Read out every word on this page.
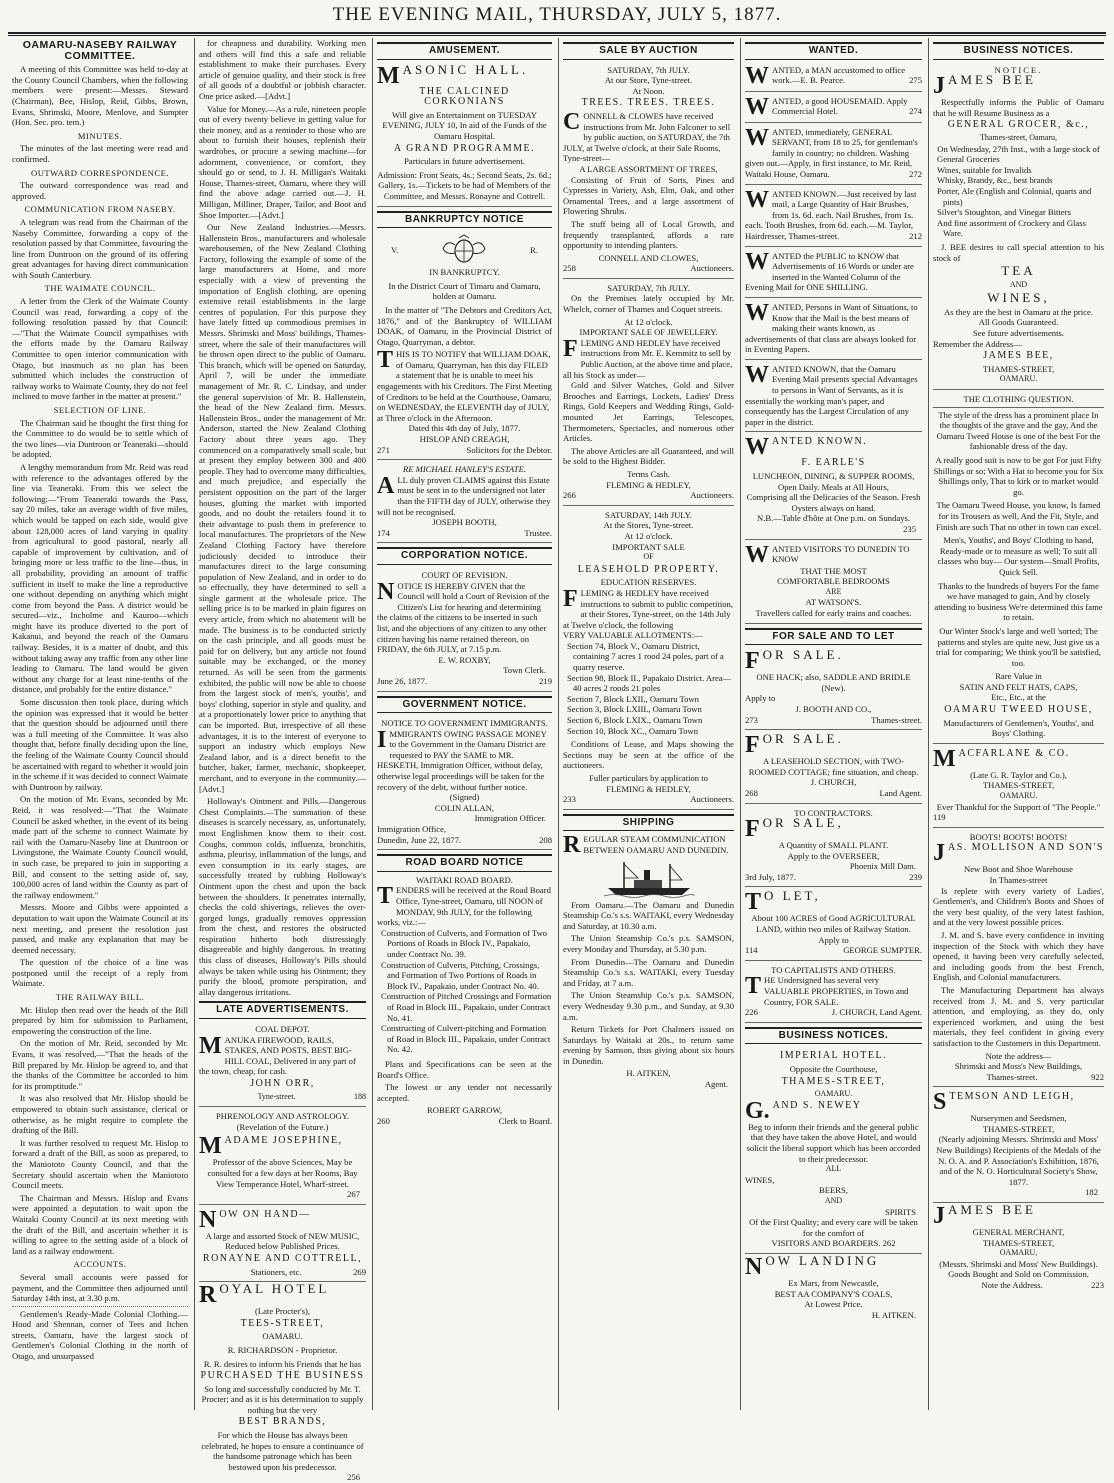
THE EVENING MAIL, THURSDAY, JULY 5, 1877.
OAMARU-NASEBY RAILWAY COMMITTEE.

A meeting of this Committee was held to-day at the County Council Chambers, when the following members were present:—Messrs. Steward (Chairman), Bee, Hislop, Reid, Gibbs, Brown, Evans, Shrimski, Moore, Menlove, and Sumpter (Hon. Sec. pro. tem.)

MINUTES.

The minutes of the last meeting were read and confirmed.

OUTWARD CORRESPONDENCE.

The outward correspondence was read and approved.

COMMUNICATION FROM NASEBY.

A telegram was read from the Chairman of the Naseby Committee, forwarding a copy of the resolution passed by that Committee, favouring the line from Duntroon on the ground of its offering great advantages for having direct communication with South Canterbury.

THE WAIMATE COUNCIL.

A letter from the Clerk of the Waimate County Council was read, forwarding a copy of the following resolution passed by that Council:—"That the Waimate Council sympathises with the efforts made by the Oamaru Railway Committee to open interior communication with Otago, but inasmuch as no plan has been submitted which includes the construction of railway works to Waimate County, they do not feel inclined to move farther in the matter at present."

SELECTION OF LINE.

The Chairman said he thought the first thing for the Committee to do would be to settle which of the two lines—via Duntroon or Teaneraki—should be adopted.

A lengthy memorandum from Mr. Reid was read with reference to the advantages offered by the line via Teaneraki. From this we select the following:—"From Teaneraki towards the Pass, say 20 miles, take an average width of five miles, which would be tapped on each side, would give about 128,000 acres of land varying in quality from agricultural to good pastoral, nearly all capable of improvement by cultivation, and of bringing more or less traffic to the line—thus, in all probability, providing an amount of traffic sufficient in itself to make the line a reproductive one without depending on anything which might come from beyond the Pass. A district would be secured—viz., Incholme and Kauroo—which might have its produce diverted to the port of Kakanui, and beyond the reach of the Oamaru railway. Besides, it is a matter of doubt, and this without taking away any traffic from any other line leading to Oamaru. The land would be given without any charge for at least nine-tenths of the distance, and probably for the entire distance."

Some discussion then took place, during which the opinion was expressed that it would be better that the question should be adjourned until there was a full meeting of the Committee. It was also thought that, before finally deciding upon the line, the feeling of the Waimate County Council should be ascertained with regard to whether it would join in the scheme if it was decided to connect Waimate with Duntroon by railway.

On the motion of Mr. Evans, seconded by Mr. Reid, it was resolved:—"That the Waimate Council be asked whether, in the event of its being made part of the scheme to connect Waimate by rail with the Oamaru-Naseby line at Duntroon or Livingstone, the Waimate County Council would, in such case, be prepared to join in supporting a Bill, and consent to the setting aside of, say, 100,000 acres of land within the County as part of the railway endowment."

Messrs. Moore and Gibbs were appointed a deputation to wait upon the Waimate Council at its next meeting, and present the resolution just passed, and make any explanation that may be deemed necessary.

The question of the choice of a line was postponed until the receipt of a reply from Waimate.

THE RAILWAY BILL.

Mr. Hislop then read over the heads of the Bill prepared by him for submission to Parliament, empowering the construction of the line.

On the motion of Mr. Reid, seconded by Mr. Evans, it was resolved,—"That the heads of the Bill prepared by Mr. Hislop be agreed to, and that the thanks of the Committee be accorded to him for its promptitude."

It was also resolved that Mr. Hislop should be empowered to obtain such assistance, clerical or otherwise, as he might require to complete the drafting of the Bill.

It was further resolved to request Mr. Hislop to forward a draft of the Bill, as soon as prepared, to the Maniototo County Council, and that the Secretary should ascertain when the Maniototo Council meets.

The Chairman and Messrs. Hislop and Evans were appointed a deputation to wait upon the Waitaki County Council at its next meeting with the draft of the Bill, and ascertain whether it is willing to agree to the setting aside of a block of land as a railway endowment.

ACCOUNTS.

Several small accounts were passed for payment, and the Committee then adjourned until Saturday 14th inst, at 3.30 p.m.

Gentlemen's Ready-Made Colonial Clothing.—Hood and Shennan, corner of Tees and Itchen streets, Oamaru, have the largest stock of Gentlemen's Colonial Clothing in the north of Otago, and unsurpassed

for cheapness and durability. Working men and others will find this a safe and reliable establishment to make their purchases. Every article of genuine quality, and their stock is free of all goods of a doubtful or jobbish character. One price asked.—[Advt.]

Value for Money.—As a rule, nineteen people out of every twenty believe in getting value for their money, and as a reminder to those who are about to furnish their houses, replenish their wardrobes, or procure a sewing machine—for adornment, convenience, or comfort, they should go or send, to J. H. Milligan's Waitaki House, Thames-street, Oamaru, where they will find the above adage carried out.—J. H. Milligan, Milliner, Draper, Tailor, and Boot and Shoe Importer.—[Advt.]

Our New Zealand Industries.—Messrs. Hallenstein Bros., manufacturers and wholesale warehousemen, of the New Zealand Clothing Factory, following the example of some of the large manufacturers at Home, and more especially with a view of preventing the importation of English clothing, are opening extensive retail establishments in the large centres of population. For this purpose they have lately fitted up commodious premises in Messrs. Shrimski and Moss' buildings, Thames-street, where the sale of their manufactures will be thrown open direct to the public of Oamaru. This branch, which will be opened on Saturday, April 7, will be under the immediate management of Mr. R. C. Lindsay, and under the general supervision of Mr. B. Hallenstein, the head of the New Zealand firm. Messrs. Hallenstein Bros., under the management of Mr. Anderson, started the New Zealand Clothing Factory about three years ago. They commenced on a comparatively small scale, but at present they employ between 300 and 400 people. They had to overcome many difficulties, and much prejudice, and especially the persistent opposition on the part of the larger houses, glutting the market with imported goods, and no doubt the retailers found it to their advantage to push them in preference to local manufactures. The proprietors of the New Zealand Clothing Factory have therefore judiciously decided to introduce their manufactures direct to the large consuming population of New Zealand, and in order to do so effectually, they have determined to sell a single garment at the wholesale price. The selling price is to be marked in plain figures on every article, from which no abatement will be made. The business is to be conducted strictly on the cash principle, and all goods must be paid for on delivery, but any article not found suitable may be exchanged, or the money returned. As will be seen from the garments exhibited, the public will now be able to choose from the largest stock of men's, youths', and boys' clothing, superior in style and quality, and at a proportionately lower price to anything that can be imported. But, irrespective of all these advantages, it is to the interest of everyone to support an industry which employs New Zealand labor, and is a direct benefit to the butcher, baker, farmer, mechanic, shopkeeper, merchant, and to everyone in the community.—[Advt.]

Holloway's Ointment and Pills.—Dangerous Chest Complaints.—The summation of these diseases is scarcely necessary, as, unfortunately, most Englishmen know them to their cost. Coughs, common colds, influenza, bronchitis, asthma, pleurisy, inflammation of the lungs, and even consumption in its early stages, are successfully treated by rubbing Holloway's Ointment upon the chest and upon the back between the shoulders. It penetrates internally, checks the cold shiverings, relieves the over-gorged lungs, gradually removes oppression from the chest, and restores the obstructed respiration hitherto both distressingly disagreeable and highly dangerous. In treating this class of diseases, Holloway's Pills should always be taken while using his Ointment; they purify the blood, promote perspiration, and allay dangerous irritations.

LATE ADVERTISEMENTS.
COAL DEPOT.
MANUKA FIREWOOD, RAILS, STAKES, AND POSTS, BEST BIG-HILL COAL, Delivered in any part of the town, cheap, for cash.
JOHN ORR,
Tyne-street.	188
PHRENOLOGY AND ASTROLOGY.
(Revelation of the Future.)
MADAME JOSEPHINE,
Professor of the above Sciences, May be consulted for a few days at her Rooms, Bay View Temperance Hotel, Wharf-street.
267
NOW ON HAND—
A large and assorted Stock of NEW MUSIC, Reduced below Published Prices.
RONAYNE AND COTTRELL,
Stationers, etc.	269
ROYAL HOTEL
(Late Procter's),
TEES-STREET,
OAMARU.
R. RICHARDSON - Proprietor.
R. R. desires to inform his Friends that he has
PURCHASED THE BUSINESS
So long and successfully conducted by Mr. T. Procter; and as it is his determination to supply nothing but the very
BEST BRANDS,
For which the House has always been celebrated, he hopes to ensure a continuance of the handsome patronage which has been bestowed upon his predecessor.
256
AMUSEMENT.
MASONIC HALL.
THE CALCINED CORKONIANS
Will give an Entertainment on TUESDAY EVENING, JULY 10, In aid of the Funds of the Oamaru Hospital.
A GRAND PROGRAMME.
Particulars in future advertisement.
Admission: Front Seats, 4s.; Second Seats, 2s. 6d.; Gallery, 1s.—Tickets to be had of Members of the Committee, and Messrs. Ronayne and Cottrell.
BANKRUPTCY NOTICE
V.	R.
IN BANKRUPTCY.
In the District Court of Timaru and Oamaru, holden at Oamaru.

In the matter of "The Debtors and Creditors Act, 1876," and of the Bankruptcy of WILLIAM DOAK, of Oamaru, in the Provincial District of Otago, Quarryman, a debtor.

THIS IS TO NOTIFY that WILLIAM DOAK, of Oamaru, Quarryman, has this day FILED a statement that he is unable to meet his engagements with his Creditors. The First Meeting of Creditors to be held at the Courthouse, Oamaru, on WEDNESDAY, the ELEVENTH day of JULY, at Three o'clock in the Afternoon.
Dated this 4th day of July, 1877.
HISLOP AND CREAGH,
271	Solicitors for the Debtor.
RE MICHAEL HANLEY'S ESTATE.
ALL duly proven CLAIMS against this Estate must be sent in to the undersigned not later than the FIFTH day of JULY, otherwise they will not be recognised.
JOSEPH BOOTH,
174	Trustee.
CORPORATION NOTICE.
COURT OF REVISION.
NOTICE IS HEREBY GIVEN that the Council will hold a Court of Revision of the Citizen's List for hearing and determining the claims of the citizens to be inserted in such list, and the objections of any citizen to any other citizen having his name retained thereon, on FRIDAY, the 6th JULY, at 7.15 p.m.
E. W. ROXBY,
Town Clerk.
June 26, 1877.	219
GOVERNMENT NOTICE.
NOTICE TO GOVERNMENT IMMIGRANTS.
IMMIGRANTS OWING PASSAGE MONEY to the Government in the Oamaru District are requested to PAY the SAME to MR. HESKETH, Immigration Officer, without delay, otherwise legal proceedings will be taken for the recovery of the debt, without further notice.
(Signed)
COLIN ALLAN,
Immigration Officer.
Immigration Office,
Dunedin, June 22, 1877.	208
ROAD BOARD NOTICE
WAITAKI ROAD BOARD.
TENDERS will be received at the Road Board Office, Tyne-street, Oamaru, till NOON of MONDAY, 9th JULY, for the following works, viz.:—
Construction of Culverts, and Formation of Two Portions of Roads in Block IV., Papakaio, under Contract No. 39.
Construction of Culverts, Pitching, Crossings, and Formation of Two Portions of Roads in Block IV., Papakaio, under Contract No. 40.
Construction of Pitched Crossings and Formation of Road in Block III., Papakaio, under Contract No. 41.
Constructing of Culvert-pitching and Formation of Road in Block III., Papakaio, under Contract No. 42.

Plans and Specifications can be seen at the Board's Office.

The lowest or any tender not necessarily accepted.

ROBERT GARROW,
260	Clerk to Board.
SALE BY AUCTION
SATURDAY, 7th JULY.
At our Store, Tyne-street.
At Noon.
TREES. TREES. TREES.
CONNELL & CLOWES have received instructions from Mr. John Falconer to sell by public auction, on SATURDAY, the 7th JULY, at Twelve o'clock, at their Sale Rooms, Tyne-street—
A LARGE ASSORTMENT OF TREES,

Consisting of Fruit of Sorts, Pines and Cypresses in Variety, Ash, Elm, Oak, and other Ornamental Trees, and a large assortment of Flowering Shrubs.

The stuff being all of Local Growth, and frequently transplanted, affords a rare opportunity to intending planters.

CONNELL AND CLOWES,
258	Auctioneers.
SATURDAY, 7th JULY.

On the Premises lately occupied by Mr. Whelch, corner of Thames and Coquet streets.

At 12 o'clock.
IMPORTANT SALE OF JEWELLERY.
FLEMING AND HEDLEY have received instructions from Mr. E. Kemmitz to sell by Public Auction, at the above time and place, all his Stock as under—

Gold and Silver Watches, Gold and Silver Brooches and Earrings, Lockets, Ladies' Dress Rings, Gold Keepers and Wedding Rings, Gold-mounted Jet Earrings, Telescopes, Thermometers, Spectacles, and numerous other Articles.

The above Articles are all Guaranteed, and will be sold to the Highest Bidder.

Terms Cash.
FLEMING & HEDLEY,
266	Auctioneers.
SATURDAY, 14th JULY.
At the Stores, Tyne-street.
At 12 o'clock.
IMPORTANT SALE
OF
LEASEHOLD PROPERTY.
EDUCATION RESERVES.
FLEMING & HEDLEY have received instructions to submit to public competition, at their Stores, Tyne-street, on the 14th July at Twelve o'clock, the following
VERY VALUABLE ALLOTMENTS:—
Section 74, Block V., Oamaru District, containing 7 acres 1 rood 24 poles, part of a quarry reserve.
Section 98, Block II., Papakaio District. Area—40 acres 2 roods 21 poles
Section 7, Block LXII., Oamaru Town
Section 3, Block LXIII., Oamaru Town
Section 6, Block LXIX., Oamaru Town
Section 10, Block XC., Oamaru Town

Conditions of Lease, and Maps showing the Sections may be seen at the office of the auctioneers.

Fuller particulars by application to
FLEMING & HEDLEY,
233	Auctioneers.
SHIPPING
REGULAR STEAM COMMUNICATION BETWEEN OAMARU AND DUNEDIN.

From Oamaru.—The Oamaru and Dunedin Steamship Co.'s s.s. WAITAKI, every Wednesday and Saturday, at 10.30 a.m.

The Union Steamship Co.'s p.s. SAMSON, every Monday and Thursday, at 5.30 p.m.

From Dunedin—The Oamaru and Dunedin Steamship Co.'s s.s. WAITAKI, every Tuesday and Friday, at 7 a.m.

The Union Steamship Co.'s p.s. SAMSON, every Wednesday 9.30 p.m., and Sunday, at 9.30 a.m.

Return Tickets for Port Chalmers issued on Saturdays by Waitaki at 20s., to return same evening by Samson, thus giving about six hours in Dunedin.

H. AITKEN,
Agent.
WANTED.
WANTED, a MAN accustomed to office work.—E. B. Pearce.	275
WANTED, a good HOUSEMAID. Apply Commercial Hotel.	274
WANTED, immediately, GENERAL SERVANT, from 18 to 25, for gentleman's family in country; no children. Washing given out.—Apply, in first instance, to Mr. Reid, Waitaki House, Oamaru.	272
WANTED KNOWN.—Just received by last mail, a Large Quantity of Hair Brushes, from 1s. 6d. each. Nail Brushes, from 1s. each. Tooth Brushes, from 6d. each.—M. Taylor, Hairdresser, Thames-street.	212
WANTED the PUBLIC to KNOW that Advertisements of 16 Words or under are inserted in the Wanted Column of the Evening Mail for ONE SHILLING.
WANTED, Persons in Want of Situations, to Know that the Mail is the best means of making their wants known, as advertisements of that class are always looked for in Evening Papers.
WANTED KNOWN, that the Oamaru Evening Mail presents special Advantages to persons in Want of Servants, as it is essentially the working man's paper, and consequently has the Largest Circulation of any paper in the district.
WANTED KNOWN.
F. EARLE'S
LUNCHEON, DINING, & SUPPER ROOMS,
Open Daily. Meals at All Hours,
Comprising all the Delicacies of the Season. Fresh Oysters always on hand.
N.B.—Table d'hôte at One p.m. on Sundays.
235
WANTED VISITORS TO DUNEDIN TO KNOW
THAT THE MOST
COMFORTABLE BEDROOMS
ARE
AT WATSON'S.
Travellers called for early trains and coaches.
FOR SALE AND TO LET
FOR SALE.
ONE HACK; also, SADDLE AND BRIDLE (New).
Apply to
J. BOOTH AND CO.,
273	Thames-street.
FOR SALE.
A LEASEHOLD SECTION, with TWO-ROOMED COTTAGE; fine situation, and cheap.
J. CHURCH,
268	Land Agent.
TO CONTRACTORS.
FOR SALE,
A Quantity of SMALL PLANT.
Apply to the OVERSEER,
Phoenix Mill Dam.
3rd July, 1877.	239
T O LET,
About 100 ACRES of Good AGRICULTURAL LAND, within two miles of Railway Station.
Apply to
114	GEORGE SUMPTER.
TO CAPITALISTS AND OTHERS.
THE Undersigned has several very VALUABLE PROPERTIES, in Town and Country, FOR SALE.
226	J. CHURCH, Land Agent.
BUSINESS NOTICES.
IMPERIAL HOTEL.
Opposite the Courthouse,
THAMES-STREET,
OAMARU.
G. AND S. NEWEY
Beg to inform their friends and the general public that they have taken the above Hotel, and would solicit the liberal support which has been accorded to their predecessor.
ALL
WINES,
BEERS,
AND
SPIRITS
Of the First Quality; and every care will be taken for the comfort of
VISITORS AND BOARDERS. 262
NOW LANDING
Ex Mars, from Newcastle,
BEST AA COMPANY'S COALS,
At Lowest Price.
H. AITKEN.
BUSINESS NOTICES.
NOTICE.
JAMES BEE

Respectfully informs the Public of Oamaru that he will Resume Business as a

GENERAL GROCER, &c.,
Thames-street, Oamaru,
On Wednesday, 27th Inst., with a large stock of
General Groceries
Wines, suitable for Invalids
Whisky, Brandy, &c., best brands
Porter, Ale (English and Colonial, quarts and pints)
Silver's Stoughton, and Vinegar Bitters
And fine assortment of Crockery and Glass Ware.

J. BEE desires to call special attention to his stock of

TEA
AND
WINES,
As they are the best in Oamaru at the price.
All Goods Guaranteed.
See future advertisements.
Remember the Address—
JAMES BEE,
THAMES-STREET,
OAMARU.
THE CLOTHING QUESTION.
The style of the dress has a prominent place In the thoughts of the grave and the gay, And the Oamaru Tweed House is one of the best For the fashionable dress of the day.
A really good suit is now to be got For just Fifty Shillings or so; With a Hat to become you for Six Shillings only, That to kirk or to market would go.
The Oamaru Tweed House, you know, Is famed for its Trousers as well, And the Fit, Style, and Finish are such That no other in town can excel.
Men's, Youths', and Boys' Clothing to hand, Ready-made or to measure as well; To suit all classes who buy— Our system—Small Profits, Quick Sell.
Thanks to the hundreds of buyers For the fame we have managed to gain, And by closely attending to business We're determined this fame to retain.
Our Winter Stock's large and well 'sorted; The patterns and styles are quite new, Just give us a trial for comparing; We think you'll be satisfied, too.
Rare Value in
SATIN AND FELT HATS, CAPS,
Etc., Etc., at the
OAMARU TWEED HOUSE,
Manufacturers of Gentlemen's, Youths', and Boys' Clothing.
MACFARLANE & CO.
(Late G. R. Taylor and Co.),
THAMES-STREET,
OAMARU.
Ever Thankful for the Support of "The People."
119
BOOTS! BOOTS! BOOTS!
JAS. MOLLISON AND SON'S
New Boot and Shoe Warehouse
In Thames-street

Is replete with every variety of Ladies', Gentlemen's, and Children's Boots and Shoes of the very best quality, of the very latest fashion, and at the very lowest possible prices.

J. M. and S. have every confidence in inviting inspection of the Stock with which they have opened, it having been very carefully selected, and including goods from the best French, English, and Colonial manufacturers.

The Manufacturing Department has always received from J. M. and S. very particular attention, and employing, as they do, only experienced workmen, and using the best materials, they feel confident in giving every satisfaction to the Customers in this Department.

Note the address—
Shrimski and Moss's New Buildings,
Thames-street.	922
STEMSON AND LEIGH,
Nurserymen and Seedsmen,
THAMES-STREET,
(Nearly adjoining Messrs. Shrimski and Moss' New Buildings) Recipients of the Medals of the N. O. A. and P. Association's Exhibition, 1876, and of the N. O. Horticultural Society's Show, 1877.
182
JAMES BEE
GENERAL MERCHANT,
THAMES-STREET,
OAMARU,
(Messrs. Shrimski and Moss' New Buildings).
Goods Bought and Sold on Commission.
Note the Address.	223
